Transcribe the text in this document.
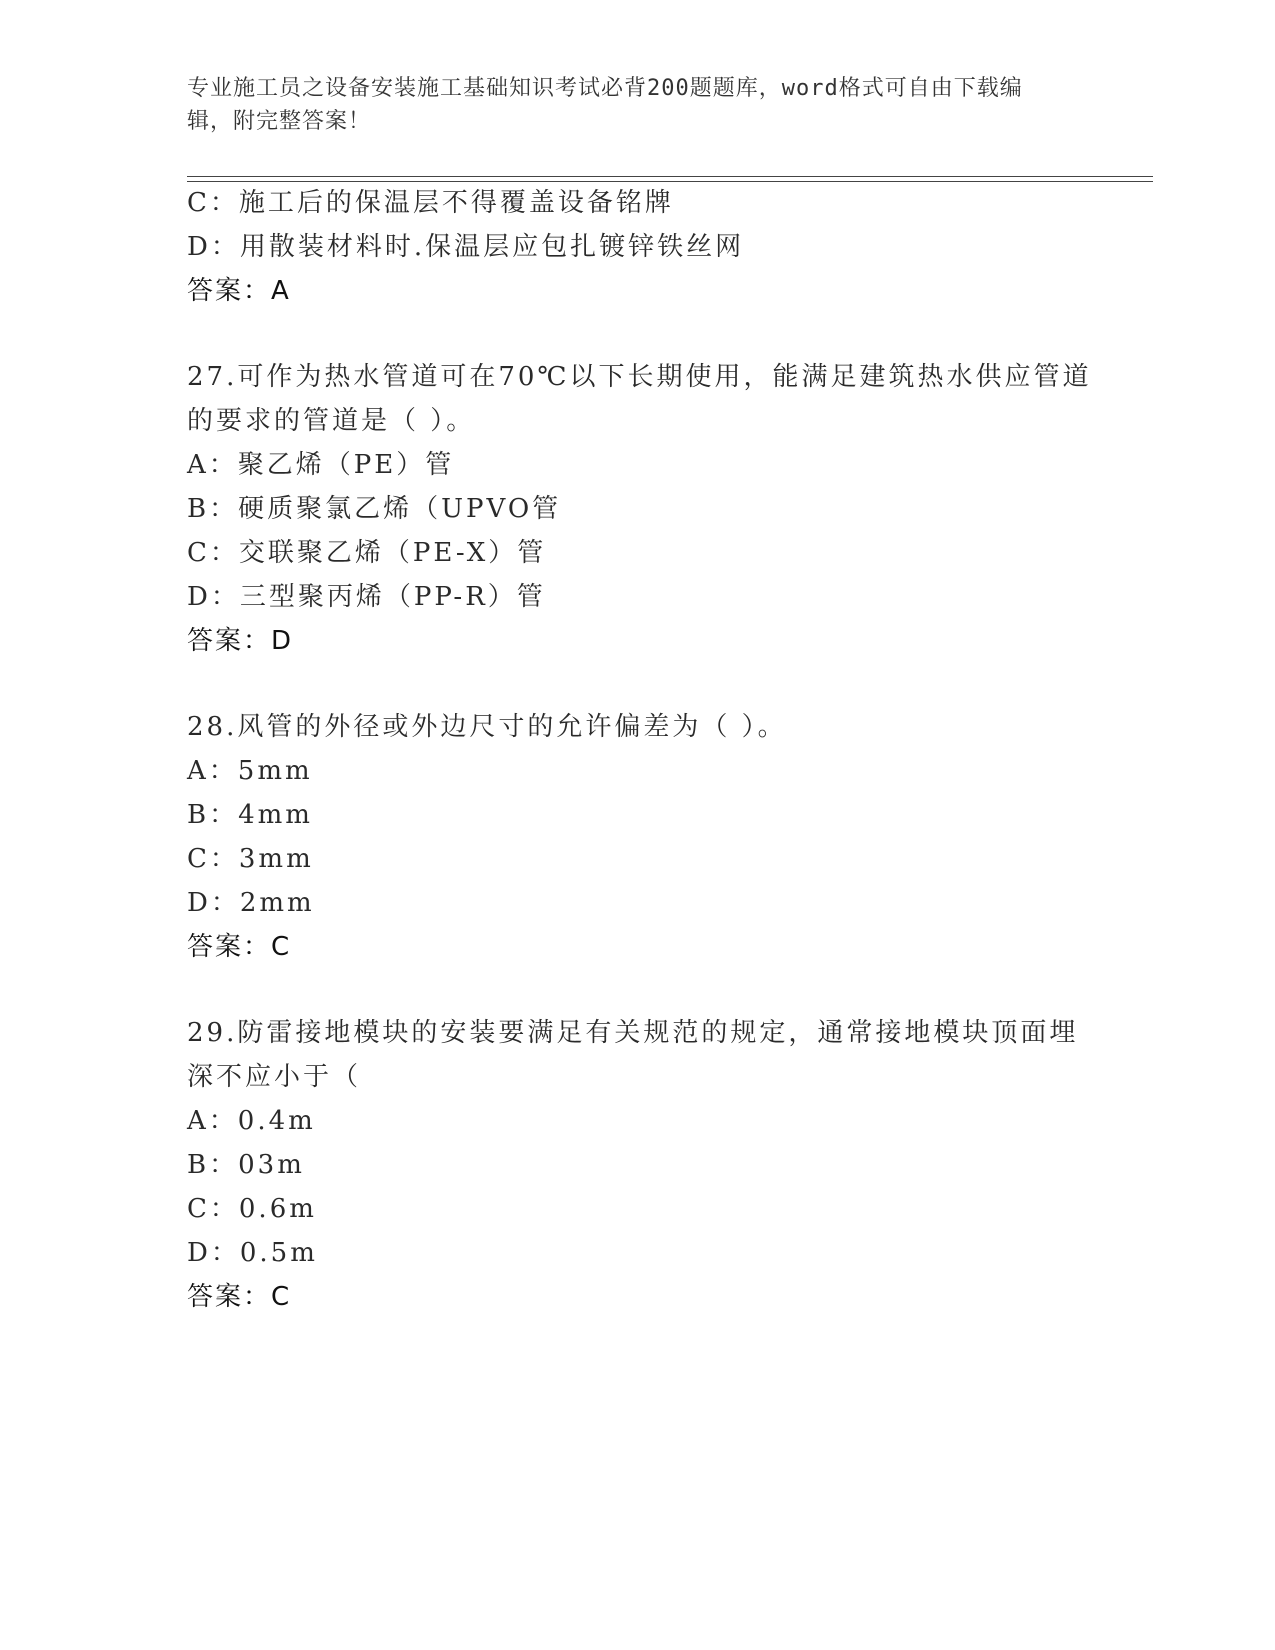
专业施工员之设备安装施工基础知识考试必背200题题库，word格式可自由下载编辑，附完整答案！
C：施工后的保温层不得覆盖设备铭牌
D：用散装材料时.保温层应包扎镀锌铁丝网
答案：A
27.可作为热水管道可在70℃以下长期使用，能满足建筑热水供应管道
的要求的管道是（ ）。
A：聚乙烯（PE）管
B：硬质聚氯乙烯（UPVO管
C：交联聚乙烯（PE-X）管
D：三型聚丙烯（PP-R）管
答案：D
28.风管的外径或外边尺寸的允许偏差为（ ）。
A：5mm
B：4mm
C：3mm
D：2mm
答案：C
29.防雷接地模块的安装要满足有关规范的规定，通常接地模块顶面埋
深不应小于（
A：0.4m
B：03m
C：0.6m
D：0.5m
答案：C
